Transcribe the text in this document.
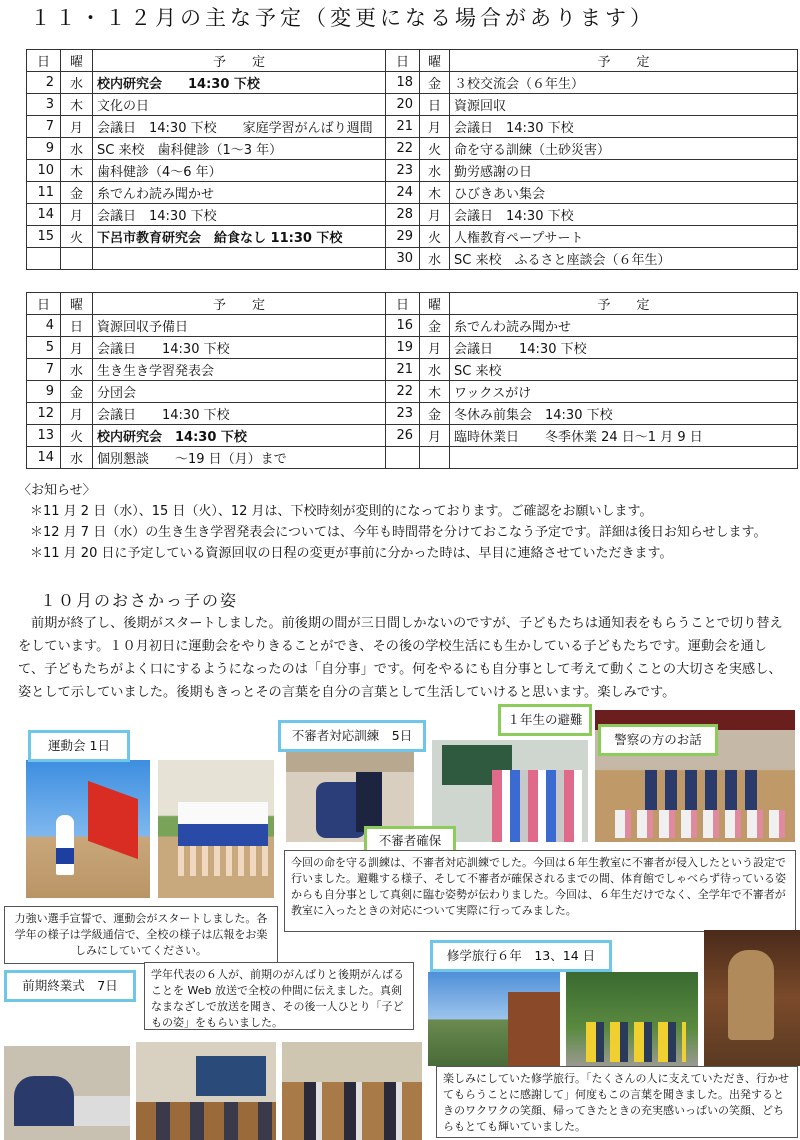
１１・１２月の主な予定（変更になる場合があります）
日	曜	予　　定	日	曜	予　　定
2	水	校内研究会　　14:30 下校	18	金	３校交流会（６年生）
3	木	文化の日	20	日	資源回収
7	月	会議日　14:30 下校　　家庭学習がんばり週間	21	月	会議日　14:30 下校
9	水	SC 来校　歯科健診（1～3 年）	22	火	命を守る訓練（土砂災害）
10	木	歯科健診（4～6 年）	23	水	勤労感謝の日
11	金	糸でんわ読み聞かせ	24	木	ひびきあい集会
14	月	会議日　14:30 下校	28	月	会議日　14:30 下校
15	火	下呂市教育研究会　給食なし 11:30 下校	29	火	人権教育ペープサート
			30	水	SC 来校　ふるさと座談会（６年生）
日	曜	予　　定	日	曜	予　　定
4	日	資源回収予備日	16	金	糸でんわ読み聞かせ
5	月	会議日　　14:30 下校	19	月	会議日　　14:30 下校
7	水	生き生き学習発表会	21	水	SC 来校
9	金	分団会	22	木	ワックスがけ
12	月	会議日　　14:30 下校	23	金	冬休み前集会　14:30 下校
13	火	校内研究会　14:30 下校	26	月	臨時休業日　　冬季休業 24 日～1 月 9 日
14	水	個別懇談　　～19 日（月）まで			

〈お知らせ〉

＊11 月 2 日（水）、15 日（火）、12 月は、下校時刻が変則的になっております。ご確認をお願いします。

＊12 月 7 日（水）の生き生き学習発表会については、今年も時間帯を分けておこなう予定です。詳細は後日お知らせします。

＊11 月 20 日に予定している資源回収の日程の変更が事前に分かった時は、早目に連絡させていただきます。

１０月のおさかっ子の姿

前期が終了し、後期がスタートしました。前後期の間が三日間しかないのですが、子どもたちは通知表をもらうことで切り替えをしています。１０月初日に運動会をやりきることができ、その後の学校生活にも生かしている子どもたちです。運動会を通して、子どもたちがよく口にするようになったのは「自分事」です。何をやるにも自分事として考えて動くことの大切さを実感し、姿として示していました。後期もきっとその言葉を自分の言葉として生活していけると思います。楽しみです。

運動会 1日
不審者対応訓練　5日
１年生の避難
警察の方のお話
不審者確保
今回の命を守る訓練は、不審者対応訓練でした。今回は６年生教室に不審者が侵入したという設定で行いました。避難する様子、そして不審者が確保されるまでの間、体育館でしゃべらず待っている姿からも自分事として真剣に臨む姿勢が伝わりました。今回は、６年生だけでなく、全学年で不審者が教室に入ったときの対応について実際に行ってみました。
力強い選手宣誓で、運動会がスタートしました。各学年の様子は学級通信で、全校の様子は広報をお楽しみにしていてください。	修学旅行６年　13、14 日
前期終業式　7日
学年代表の６人が、前期のがんばりと後期がんばることを Web 放送で全校の仲間に伝えました。真剣なまなざしで放送を聞き、その後一人ひとり「子どもの姿」をもらいました。
楽しみにしていた修学旅行。「たくさんの人に支えていただき、行かせてもらうことに感謝して」何度もこの言葉を聞きました。出発するときのワクワクの笑顔、帰ってきたときの充実感いっぱいの笑顔、どちらもとても輝いていました。
